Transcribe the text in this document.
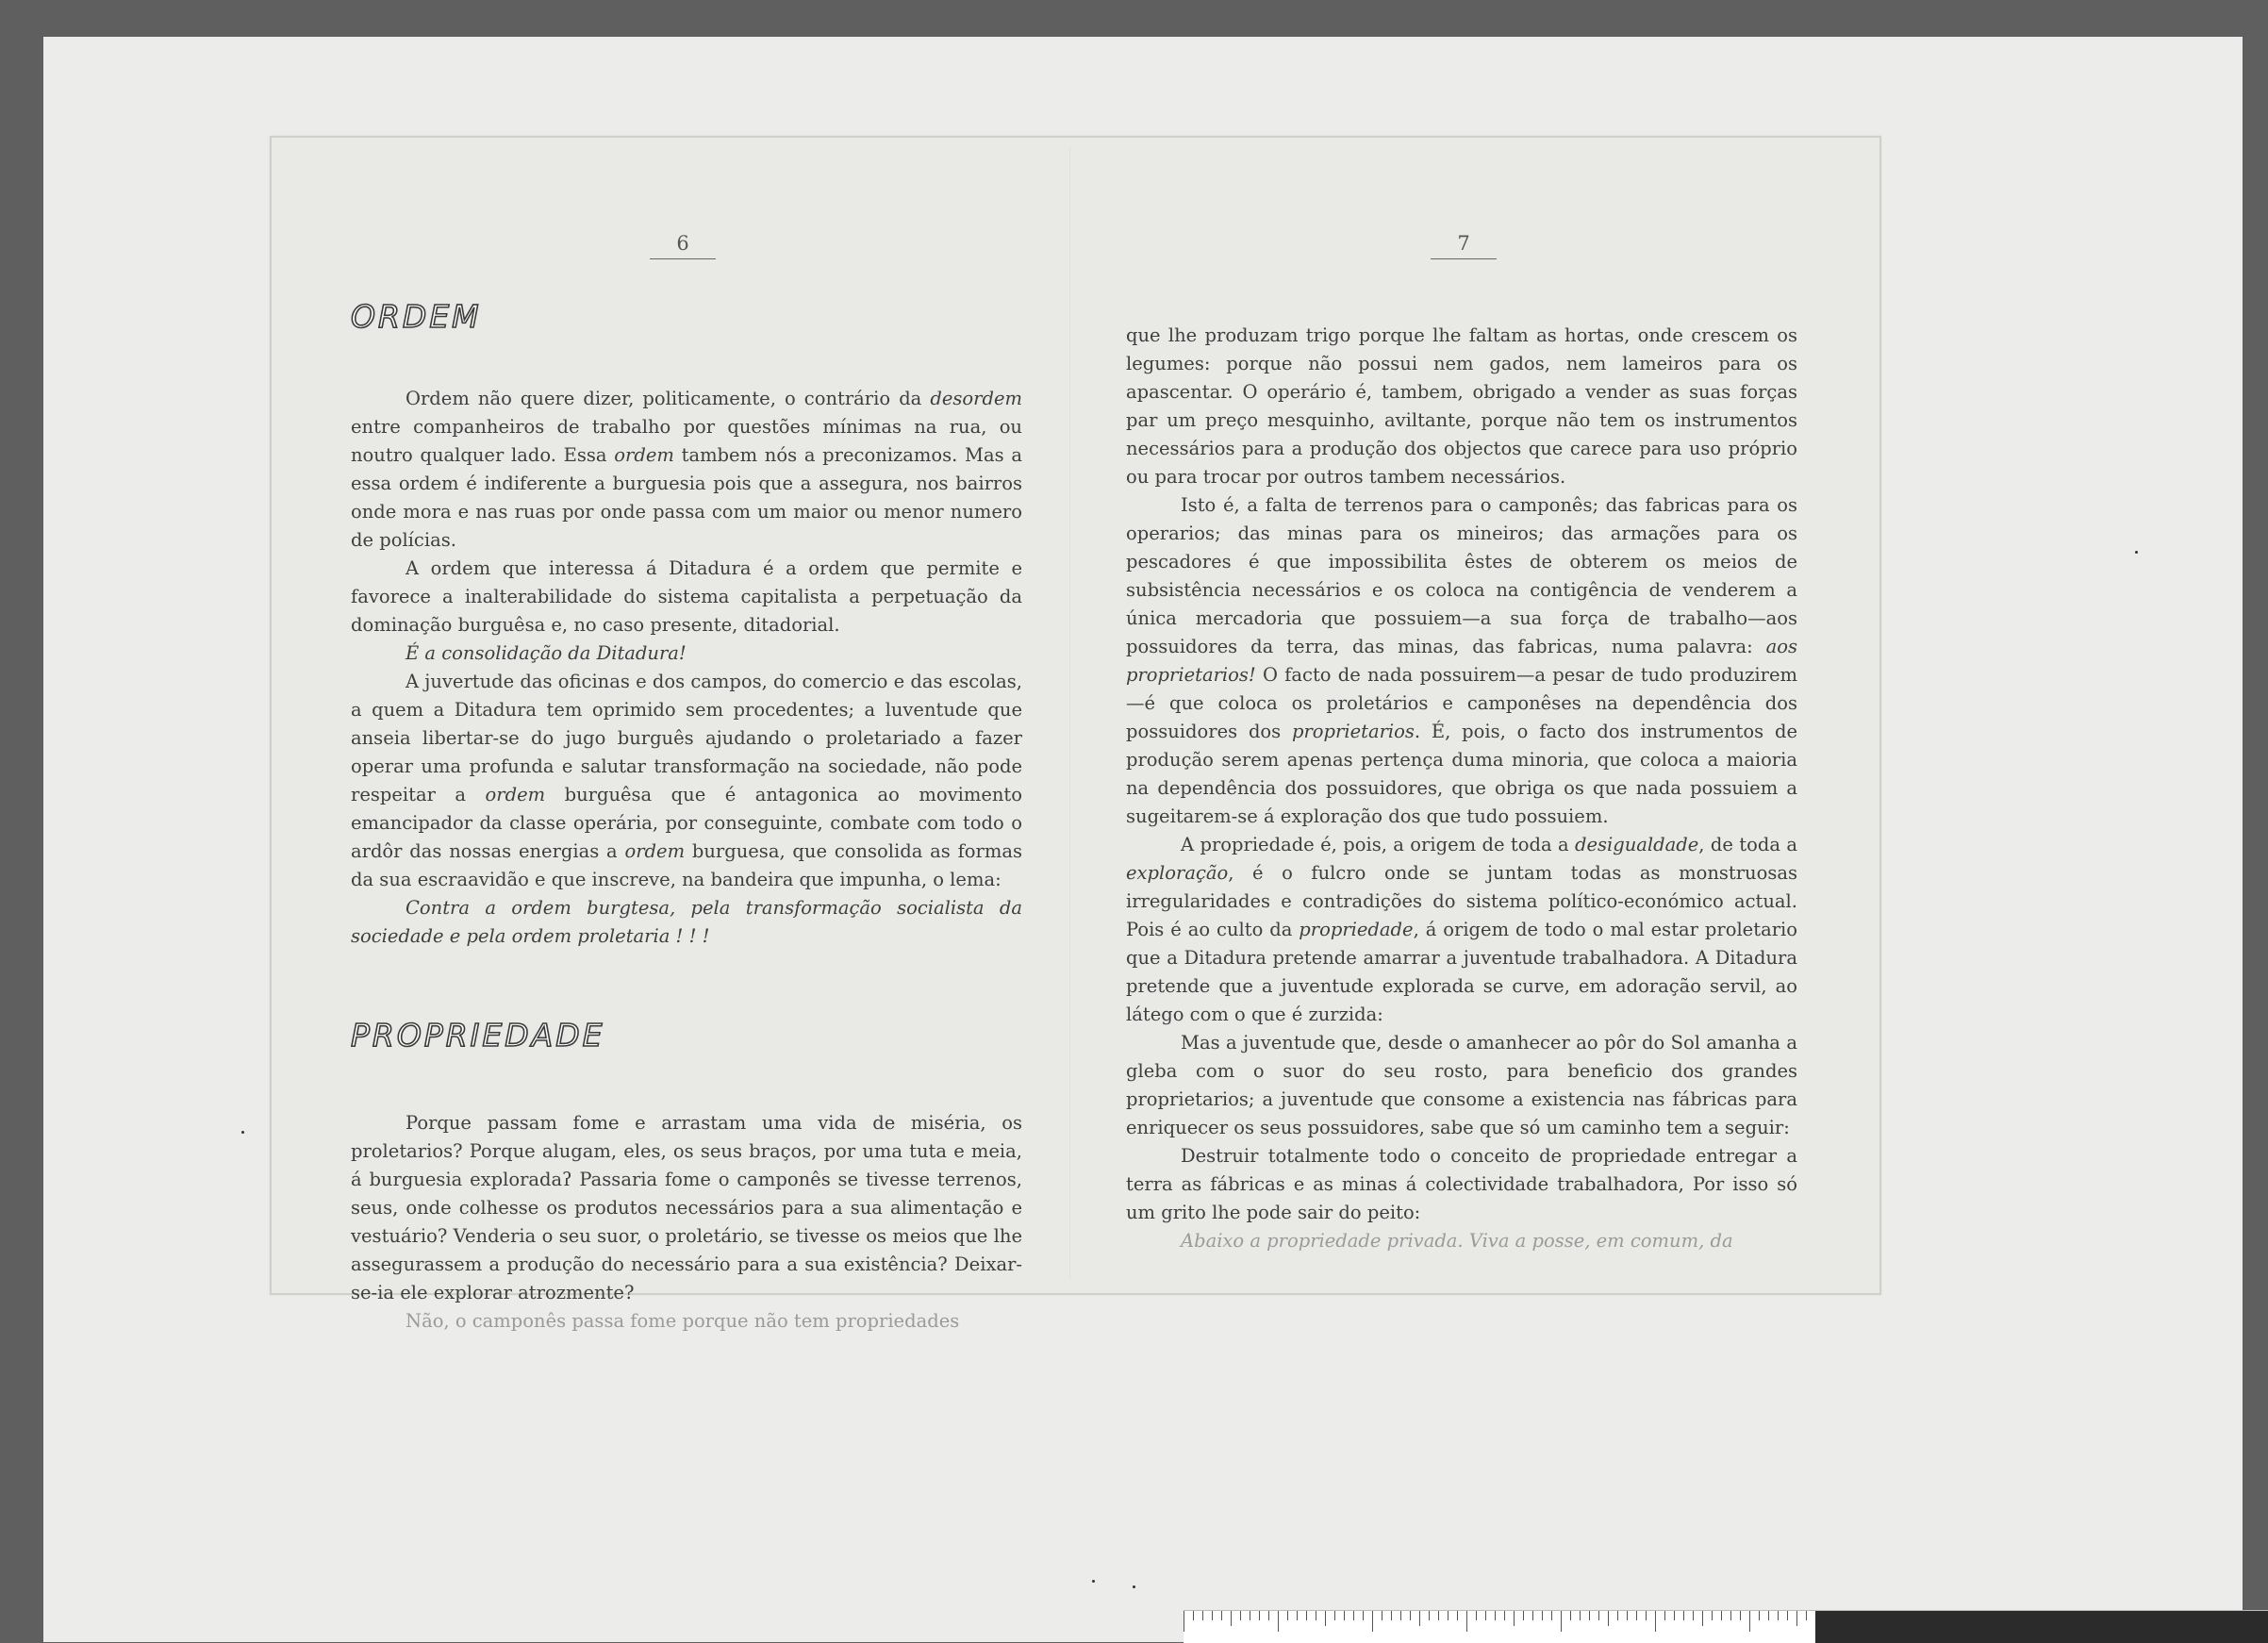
6
ORDEM

Ordem não quere dizer, politicamente, o contrário da desordem entre companheiros de trabalho por questões mínimas na rua, ou noutro qualquer lado. Essa ordem tambem nós a preconizamos. Mas a essa ordem é indiferente a burguesia pois que a assegura, nos bairros onde mora e nas ruas por onde passa com um maior ou menor numero de polícias.

A ordem que interessa á Ditadura é a ordem que permite e favorece a inalterabilidade do sistema capitalista a perpetuação da dominação burguêsa e, no caso presente, ditadorial.

É a consolidação da Ditadura!

A juvertude das oficinas e dos campos, do comercio e das escolas, a quem a Ditadura tem oprimido sem procedentes; a luventude que anseia libertar-se do jugo burguês ajudando o proletariado a fazer operar uma profunda e salutar transformação na sociedade, não pode respeitar a ordem burguêsa que é antagonica ao movimento emancipador da classe operária, por conseguinte, combate com todo o ardôr das nossas energias a ordem burguesa, que consolida as formas da sua escraavidão e que inscreve, na bandeira que impunha, o lema:

Contra a ordem burgtesa, pela transformação socialista da sociedade e pela ordem proletaria ! ! !

PROPRIEDADE

Porque passam fome e arrastam uma vida de miséria, os proletarios? Porque alugam, eles, os seus braços, por uma tuta e meia, á burguesia exploradaʔ Passaria fome o camponês se tivesse terrenos, seus, onde colhesse os produtos necessários para a sua alimentação e vestuário? Venderia o seu suor, o proletário, se tivesse os meios que lhe assegurassem a produção do necessário para a sua existência? Deixar-se-ia ele explorar atrozmente?

Não, o camponês passa fome porque não tem propriedades

7

que lhe produzam trigo porque lhe faltam as hortas, onde crescem os legumes: porque não possui nem gados, nem lameiros para os apascentar. O operário é, tambem, obrigado a vender as suas forças par um preço mesquinho, aviltante, porque não tem os instrumentos necessários para a produção dos objectos que carece para uso próprio ou para trocar por outros tambem necessários.

Isto é, a falta de terrenos para o camponês; das fabricas para os operarios; das minas para os mineiros; das armações para os pescadores é que impossibilita êstes de obterem os meios de subsistência necessários e os coloca na contigência de venderem a única mercadoria que possuiem—a sua força de trabalho—aos possuidores da terra, das minas, das fabricas, numa palavra: aos proprietarios! O facto de nada possuirem—a pesar de tudo produzirem—é que coloca os proletários e camponêses na dependência dos possuidores dos proprietarios. É, pois, o facto dos instrumentos de produção serem apenas pertença duma minoria, que coloca a maioria na dependência dos possuidores, que obriga os que nada possuiem a sugeitarem-se á exploração dos que tudo possuiem.

A propriedade é, pois, a origem de toda a desigualdade, de toda a exploração, é o fulcro onde se juntam todas as monstruosas irregularidades e contradições do sistema político-económico actual. Pois é ao culto da propriedade, á origem de todo o mal estar proletario que a Ditadura pretende amarrar a juventude trabalhadora. A Ditadura pretende que a juventude explorada se curve, em adoração servil, ao látego com o que é zurzida:

Mas a juventude que, desde o amanhecer ao pôr do Sol amanha a gleba com o suor do seu rosto, para beneficio dos grandes proprietarios; a juventude que consome a existencia nas fábricas para enriquecer os seus possuidores, sabe que só um caminho tem a seguir:

Destruir totalmente todo o conceito de propriedade entregar a terra as fábricas e as minas á colectividade trabalhadora, Por isso só um grito lhe pode sair do peito:

Abaixo a propriedade privada. Viva a posse, em comum, da
